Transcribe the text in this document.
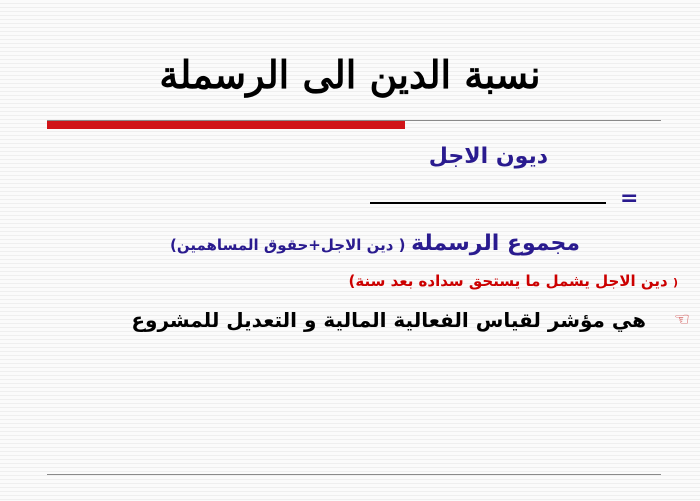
نسبة الدين الى الرسملة
ديون الاجل
=
مجموع الرسملة ( دين الاجل+حقوق المساهمين)
( دين الاجل يشمل ما يستحق سداده بعد سنة)
☜
هي مؤشر لقياس الفعالية المالية و التعديل للمشروع
